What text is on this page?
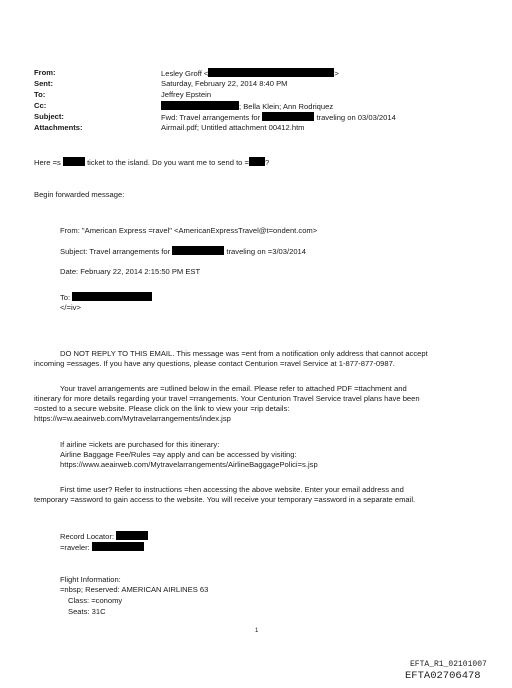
From:	Lesley Groff <	>
Sent:	Saturday, February 22, 2014 8:40 PM
To:	Jeffrey Epstein
Cc:	; Bella Klein; Ann Rodriquez
Subject:	Fwd: Travel arrangements for	traveling on 03/03/2014
Attachments:	Airmail.pdf; Untitled attachment 00412.htm
Here =s	ticket to the island. Do you want me to send to = ?
Begin forwarded message:
From: "American Express =ravel" <AmericanExpressTravel@t=ondent.com>
Subject: Travel arrangements for	traveling on =3/03/2014
Date: February 22, 2014 2:15:50 PM EST
To:
</=iv>
DO NOT REPLY TO THIS EMAIL. This message was =ent from a notification only address that cannot accept
incoming =essages. If you have any questions, please contact Centurion =ravel Service at 1-877-877-0987.
Your travel arrangements are =utlined below in the email. Please refer to attached PDF =ttachment and
itinerary for more details regarding your travel =rrangements. Your Centurion Travel Service travel plans have been
=osted to a secure website. Please click on the link to view your =rip details:
https://w=w.aeairweb.com/Mytravelarrangements/index.jsp
If airline =ickets are purchased for this itinerary:
Airline Baggage Fee/Rules =ay apply and can be accessed by visiting:
https://www.aeairweb.com/Mytravelarrangements/AirlineBaggagePolici=s.jsp
First time user? Refer to instructions =hen accessing the above website. Enter your email address and
temporary =assword to gain access to the website. You will receive your temporary =assword in a separate email.
Record Locator:
=raveler:
Flight Information:
=nbsp; Reserved: AMERICAN AIRLINES 63
Class: =conomy
Seats: 31C
1
EFTA_R1_02101007
EFTA02706478
